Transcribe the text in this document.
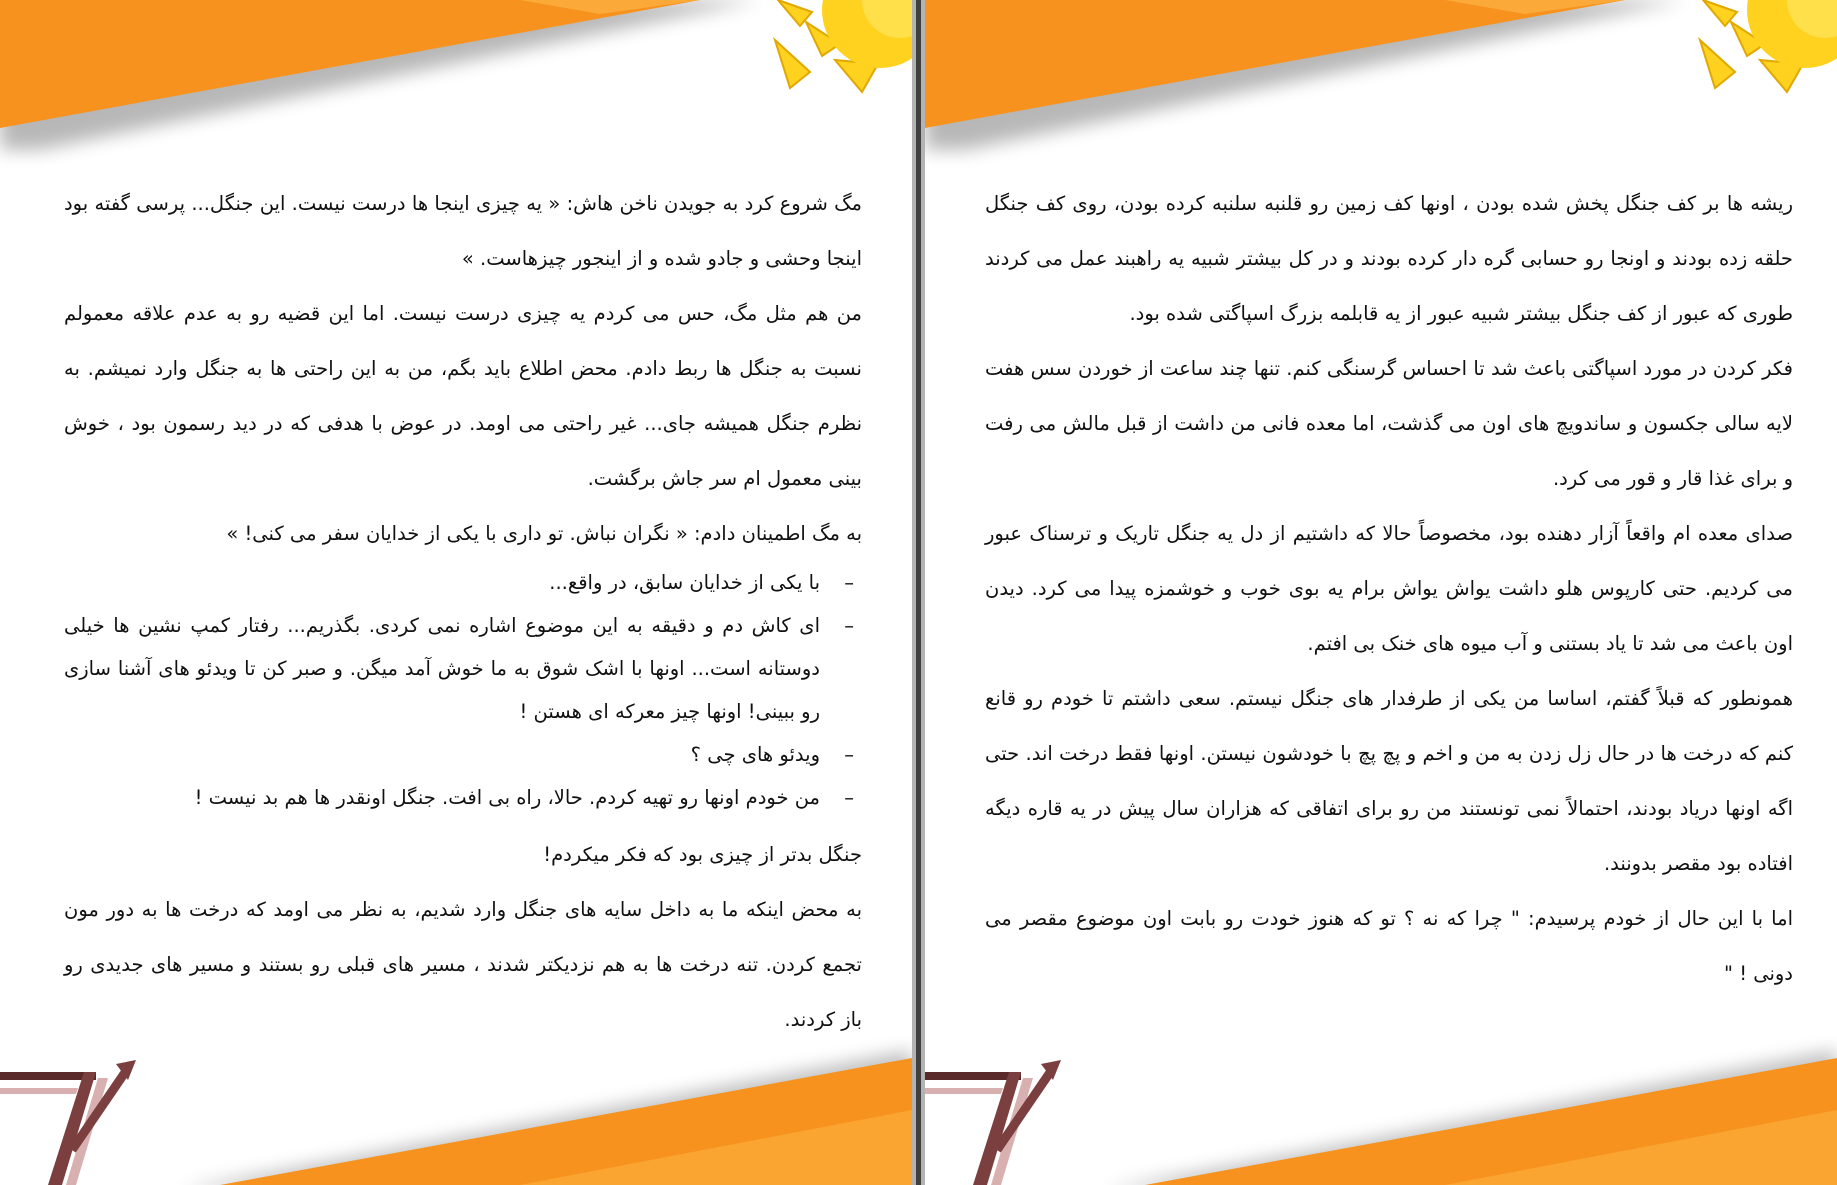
مگ شروع کرد به جویدن ناخن هاش: « یه چیزی اینجا ها درست نیست. این جنگل... پرسی گفته بود اینجا وحشی و جادو شده و از اینجور چیزهاست. »

من هم مثل مگ، حس می کردم یه چیزی درست نیست. اما این قضیه رو به عدم علاقه معمولم نسبت به جنگل ها ربط دادم. محض اطلاع باید بگم، من به این راحتی ها به جنگل وارد نمیشم. به نظرم جنگل همیشه جای... غیر راحتی می اومد. در عوض با هدفی که در دید رسمون بود ، خوش بینی معمول ام سر جاش برگشت.

به مگ اطمینان دادم: « نگران نباش. تو داری با یکی از خدایان سفر می کنی! »

– با یکی از خدایان سابق، در واقع...
– ای کاش دم و دقیقه به این موضوع اشاره نمی کردی. بگذریم... رفتار کمپ نشین ها خیلی دوستانه است... اونها با اشک شوق به ما خوش آمد میگن. و صبر کن تا ویدئو های آشنا سازی رو ببینی! اونها چیز معرکه ای هستن !
– ویدئو های چی ؟
– من خودم اونها رو تهیه کردم. حالا، راه بی افت. جنگل اونقدر ها هم بد نیست !

جنگل بدتر از چیزی بود که فکر میکردم!

به محض اینکه ما به داخل سایه های جنگل وارد شدیم، به نظر می اومد که درخت ها به دور مون تجمع کردن. تنه درخت ها به هم نزدیکتر شدند ، مسیر های قبلی رو بستند و مسیر های جدیدی رو باز کردند.

ریشه ها بر کف جنگل پخش شده بودن ، اونها کف زمین رو قلنبه سلنبه کرده بودن، روی کف جنگل حلقه زده بودند و اونجا رو حسابی گره دار کرده بودند و در کل بیشتر شبیه یه راهبند عمل می کردند طوری که عبور از کف جنگل بیشتر شبیه عبور از یه قابلمه بزرگ اسپاگتی شده بود.

فکر کردن در مورد اسپاگتی باعث شد تا احساس گرسنگی کنم. تنها چند ساعت از خوردن سس هفت لایه سالی جکسون و ساندویچ های اون می گذشت، اما معده فانی من داشت از قبل مالش می رفت و برای غذا قار و قور می کرد.

صدای معده ام واقعاً آزار دهنده بود، مخصوصاً حالا که داشتیم از دل یه جنگل تاریک و ترسناک عبور می کردیم. حتی کارپوس هلو داشت یواش یواش برام یه بوی خوب و خوشمزه پیدا می کرد. دیدن اون باعث می شد تا یاد بستنی و آب میوه های خنک بی افتم.

همونطور که قبلاً گفتم، اساسا من یکی از طرفدار های جنگل نیستم. سعی داشتم تا خودم رو قانع کنم که درخت ها در حال زل زدن به من و اخم و پچ پچ با خودشون نیستن. اونها فقط درخت اند. حتی اگه اونها دریاد بودند، احتمالاً نمی تونستند من رو برای اتفاقی که هزاران سال پیش در یه قاره دیگه افتاده بود مقصر بدونند.

اما با این حال از خودم پرسیدم: " چرا که نه ؟ تو که هنوز خودت رو بابت اون موضوع مقصر می دونی ! "
